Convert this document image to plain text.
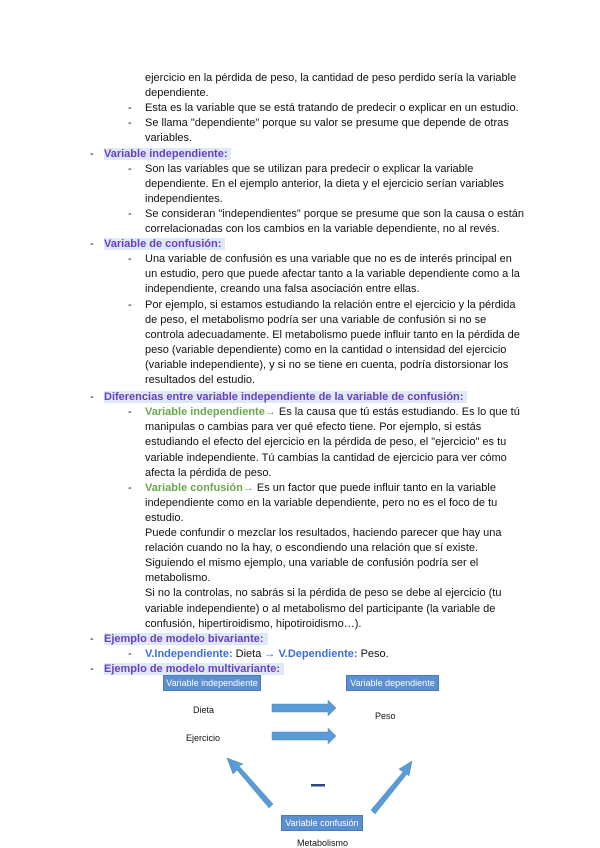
ejercicio en la pérdida de peso, la cantidad de peso perdido sería la variable
dependiente.
- Esta es la variable que se está tratando de predecir o explicar en un estudio.
- Se llama "dependiente" porque su valor se presume que depende de otras
variables.
- Variable independiente:
- Son las variables que se utilizan para predecir o explicar la variable
dependiente. En el ejemplo anterior, la dieta y el ejercicio serían variables
independientes.
- Se consideran "independientes" porque se presume que son la causa o están
correlacionadas con los cambios en la variable dependiente, no al revés.
- Variable de confusión:
- Una variable de confusión es una variable que no es de interés principal en
un estudio, pero que puede afectar tanto a la variable dependiente como a la
independiente, creando una falsa asociación entre ellas.
- Por ejemplo, si estamos estudiando la relación entre el ejercicio y la pérdida
de peso, el metabolismo podría ser una variable de confusión si no se
controla adecuadamente. El metabolismo puede influir tanto en la pérdida de
peso (variable dependiente) como en la cantidad o intensidad del ejercicio
(variable independiente), y si no se tiene en cuenta, podría distorsionar los
resultados del estudio.
- Diferencias entre variable independiente de la variable de confusión:
- Variable independiente→ Es la causa que tú estás estudiando. Es lo que tú
manipulas o cambias para ver qué efecto tiene. Por ejemplo, si estás
estudiando el efecto del ejercicio en la pérdida de peso, el "ejercicio" es tu
variable independiente. Tú cambias la cantidad de ejercicio para ver cómo
afecta la pérdida de peso.
- Variable confusión→ Es un factor que puede influir tanto en la variable
independiente como en la variable dependiente, pero no es el foco de tu
estudio.
Puede confundir o mezclar los resultados, haciendo parecer que hay una
relación cuando no la hay, o escondiendo una relación que sí existe.
Siguiendo el mismo ejemplo, una variable de confusión podría ser el
metabolismo.
Si no la controlas, no sabrás si la pérdida de peso se debe al ejercicio (tu
variable independiente) o al metabolismo del participante (la variable de
confusión, hipertiroidismo, hipotiroidismo…).
- Ejemplo de modelo bivariante:
- V.Independiente: Dieta → V.Dependiente: Peso.
- Ejemplo de modelo multivariante:
Variable independiente	Variable dependiente
Variable confusión
Dieta
Ejercicio
Peso
Metabolismo
